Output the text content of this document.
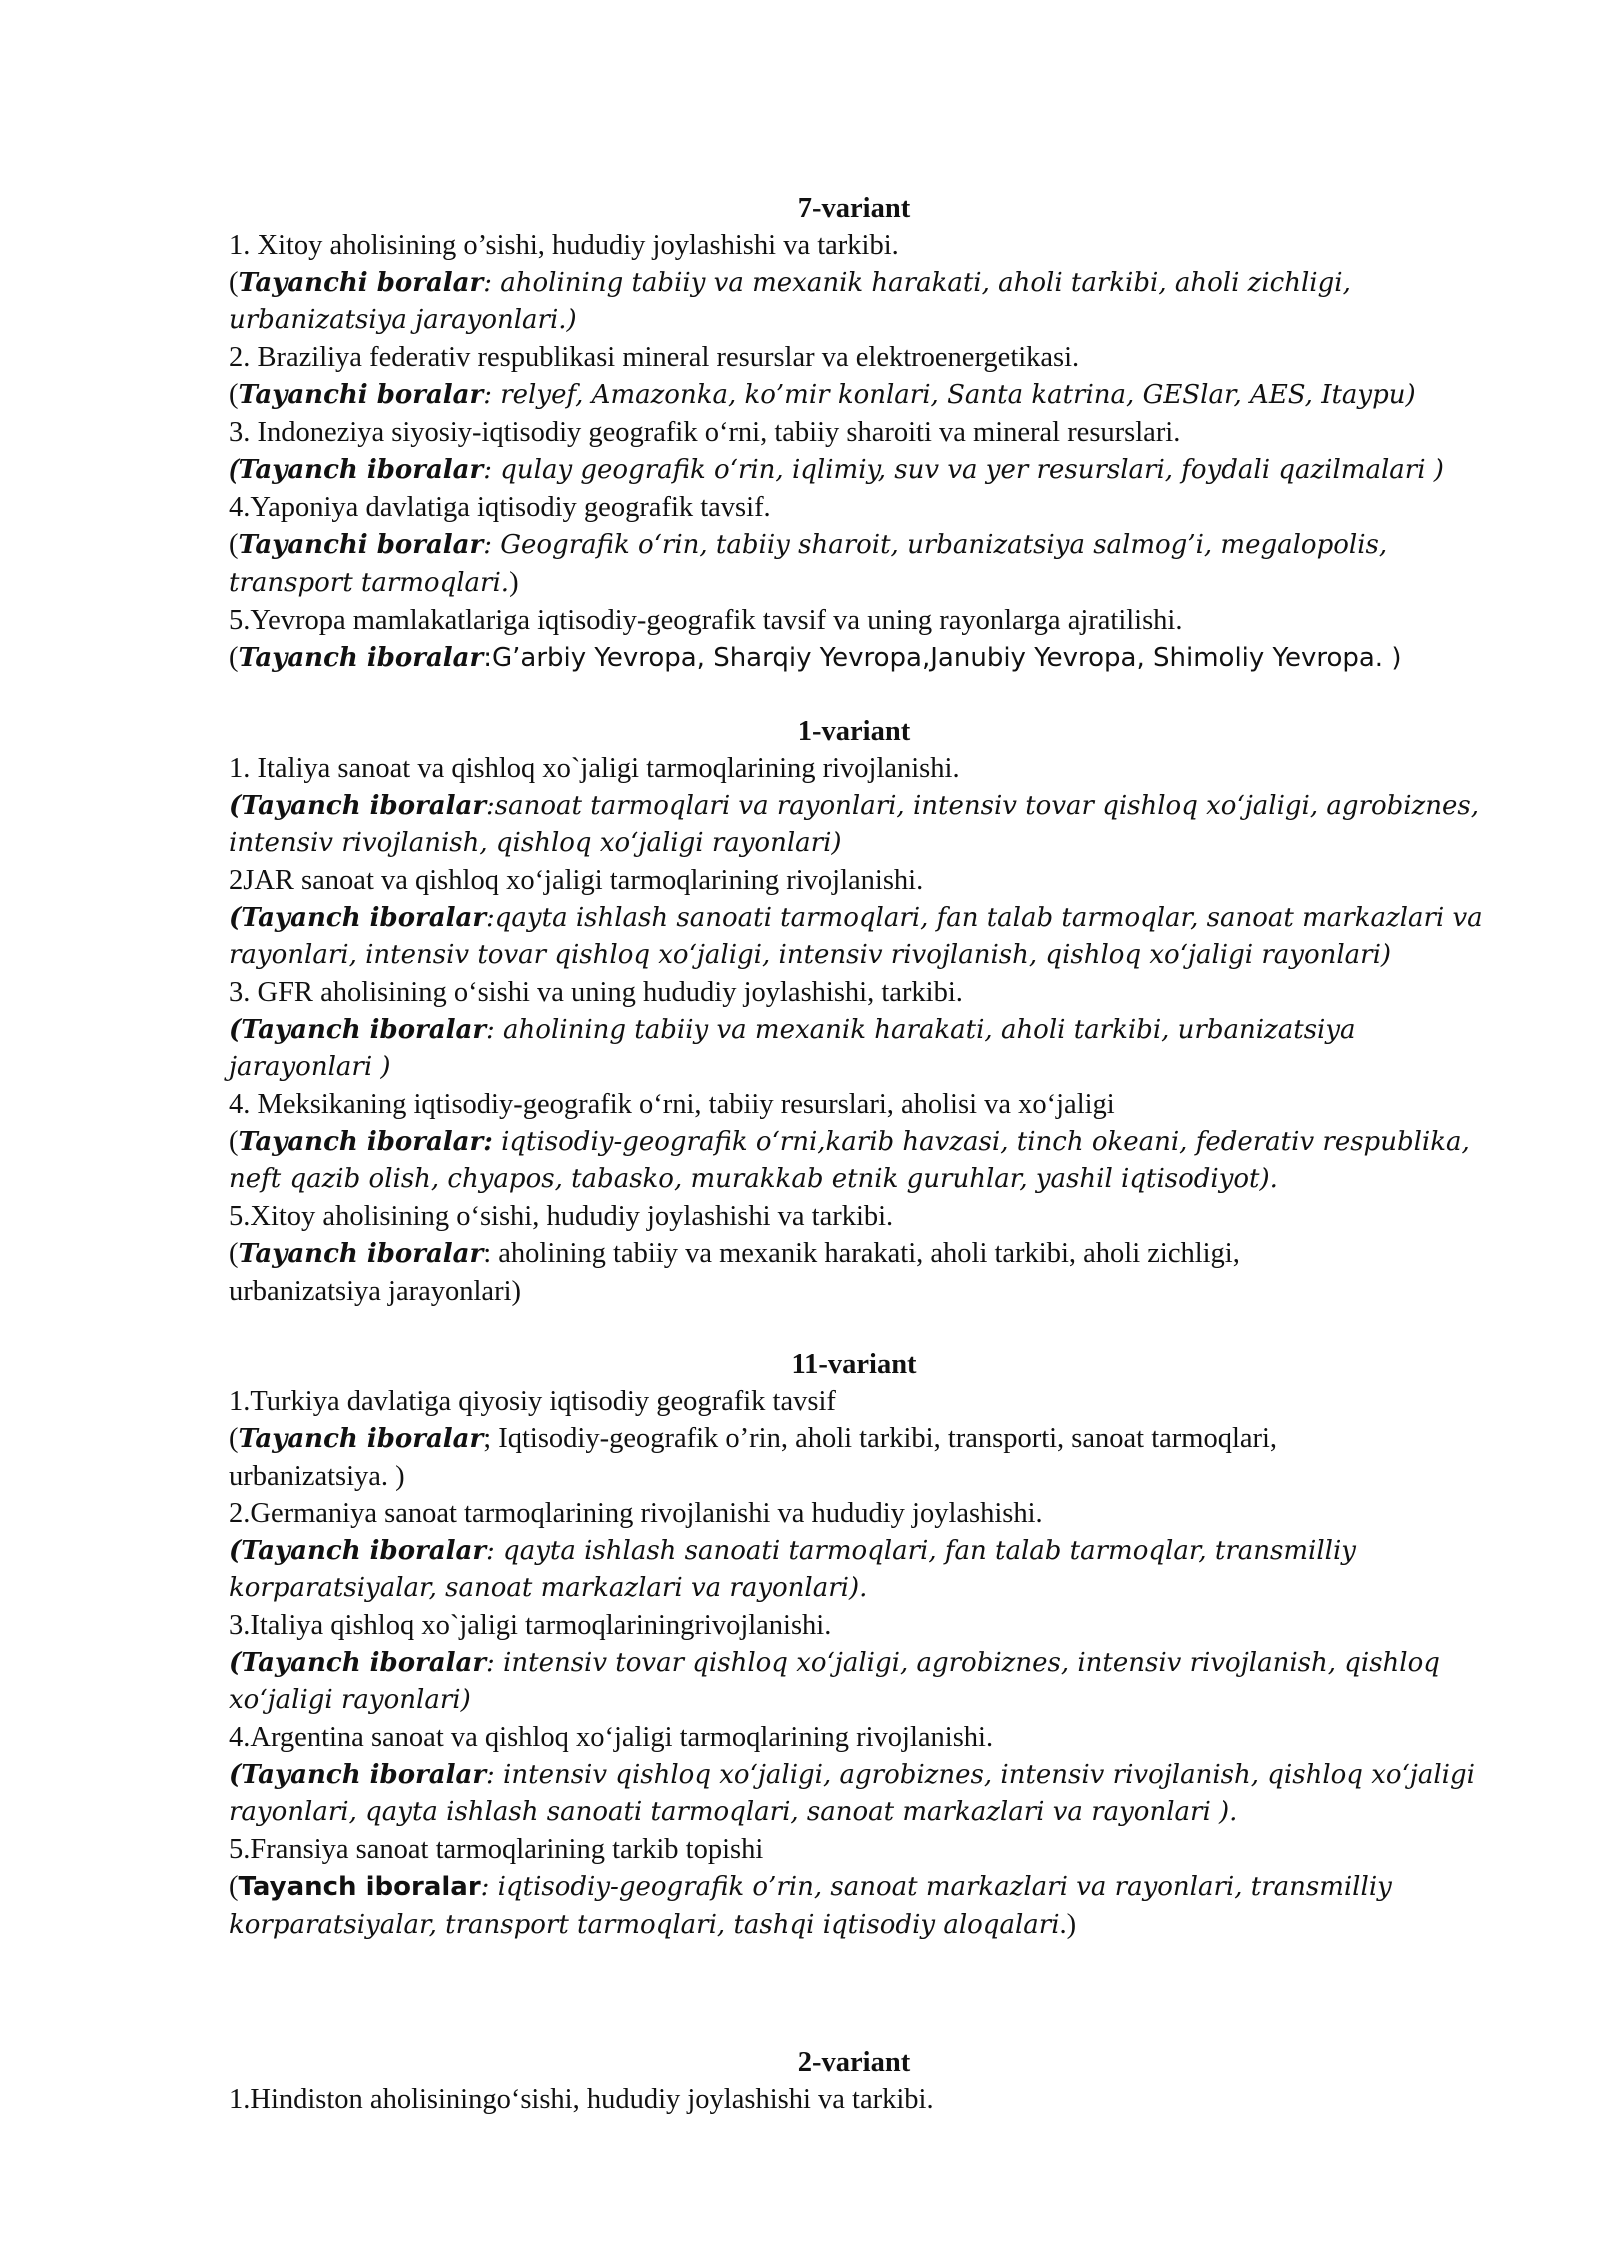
7-variant
1. Xitoy aholisining o’sishi, hududiy joylashishi va tarkibi.
(Tayanchi boralar: aholining tabiiy va mexanik harakati, aholi tarkibi, aholi zichligi,
urbanizatsiya jarayonlari.)
2. Braziliya federativ respublikasi mineral resurslar va elektroenergetikasi.
(Tayanchi boralar: relyef, Amazonka, ko’mir konlari, Santa katrina, GESlar, AES, Itaypu)
3. Indoneziya siyosiy-iqtisodiy geografik o‘rni, tabiiy sharoiti va mineral resurslari.
(Tayanch iboralar: qulay geografik o‘rin, iqlimiy, suv va yer resurslari, foydali qazilmalari )
4.Yaponiya davlatiga iqtisodiy geografik tavsif.
(Tayanchi boralar: Geografik o‘rin, tabiiy sharoit, urbanizatsiya salmog’i, megalopolis,
transport tarmoqlari.)
5.Yevropa mamlakatlariga iqtisodiy-geografik tavsif va uning rayonlarga ajratilishi.
(Tayanch iboralar:G’arbiy Yevropa, Sharqiy Yevropa,Janubiy Yevropa, Shimoliy Yevropa. )
1-variant
1. Italiya sanoat va qishloq xo`jaligi tarmoqlarining rivojlanishi.
(Tayanch iboralar:sanoat tarmoqlari va rayonlari, intensiv tovar qishloq xo‘jaligi, agrobiznes,
intensiv rivojlanish, qishloq xo‘jaligi rayonlari)
2JAR sanoat va qishloq xo‘jaligi tarmoqlarining rivojlanishi.
(Tayanch iboralar:qayta ishlash sanoati tarmoqlari, fan talab tarmoqlar, sanoat markazlari va
rayonlari, intensiv tovar qishloq xo‘jaligi, intensiv rivojlanish, qishloq xo‘jaligi rayonlari)
3. GFR aholisining o‘sishi va uning hududiy joylashishi, tarkibi.
(Tayanch iboralar: aholining tabiiy va mexanik harakati, aholi tarkibi, urbanizatsiya
jarayonlari )
4. Meksikaning iqtisodiy-geografik o‘rni, tabiiy resurslari, aholisi va xo‘jaligi
(Tayanch iboralar: iqtisodiy-geografik o‘rni,karib havzasi, tinch okeani, federativ respublika,
neft qazib olish, chyapos, tabasko, murakkab etnik guruhlar, yashil iqtisodiyot).
5.Xitoy aholisining o‘sishi, hududiy joylashishi va tarkibi.
(Tayanch iboralar: aholining tabiiy va mexanik harakati, aholi tarkibi, aholi zichligi,
urbanizatsiya jarayonlari)
11-variant
1.Turkiya davlatiga qiyosiy iqtisodiy geografik tavsif
(Tayanch iboralar; Iqtisodiy-geografik o’rin, aholi tarkibi, transporti, sanoat tarmoqlari,
urbanizatsiya. )
2.Germaniya sanoat tarmoqlarining rivojlanishi va hududiy joylashishi.
(Tayanch iboralar: qayta ishlash sanoati tarmoqlari, fan talab tarmoqlar, transmilliy
korparatsiyalar, sanoat markazlari va rayonlari).
3.Italiya qishloq xo`jaligi tarmoqlariningrivojlanishi.
(Tayanch iboralar: intensiv tovar qishloq xo‘jaligi, agrobiznes, intensiv rivojlanish, qishloq
xo‘jaligi rayonlari)
4.Argentina sanoat va qishloq xo‘jaligi tarmoqlarining rivojlanishi.
(Tayanch iboralar: intensiv qishloq xo‘jaligi, agrobiznes, intensiv rivojlanish, qishloq xo‘jaligi
rayonlari, qayta ishlash sanoati tarmoqlari, sanoat markazlari va rayonlari ).
5.Fransiya sanoat tarmoqlarining tarkib topishi
(Tayanch iboralar: iqtisodiy-geografik o’rin, sanoat markazlari va rayonlari, transmilliy
korparatsiyalar, transport tarmoqlari, tashqi iqtisodiy aloqalari.)
2-variant
1.Hindiston aholisiningo‘sishi, hududiy joylashishi va tarkibi.
